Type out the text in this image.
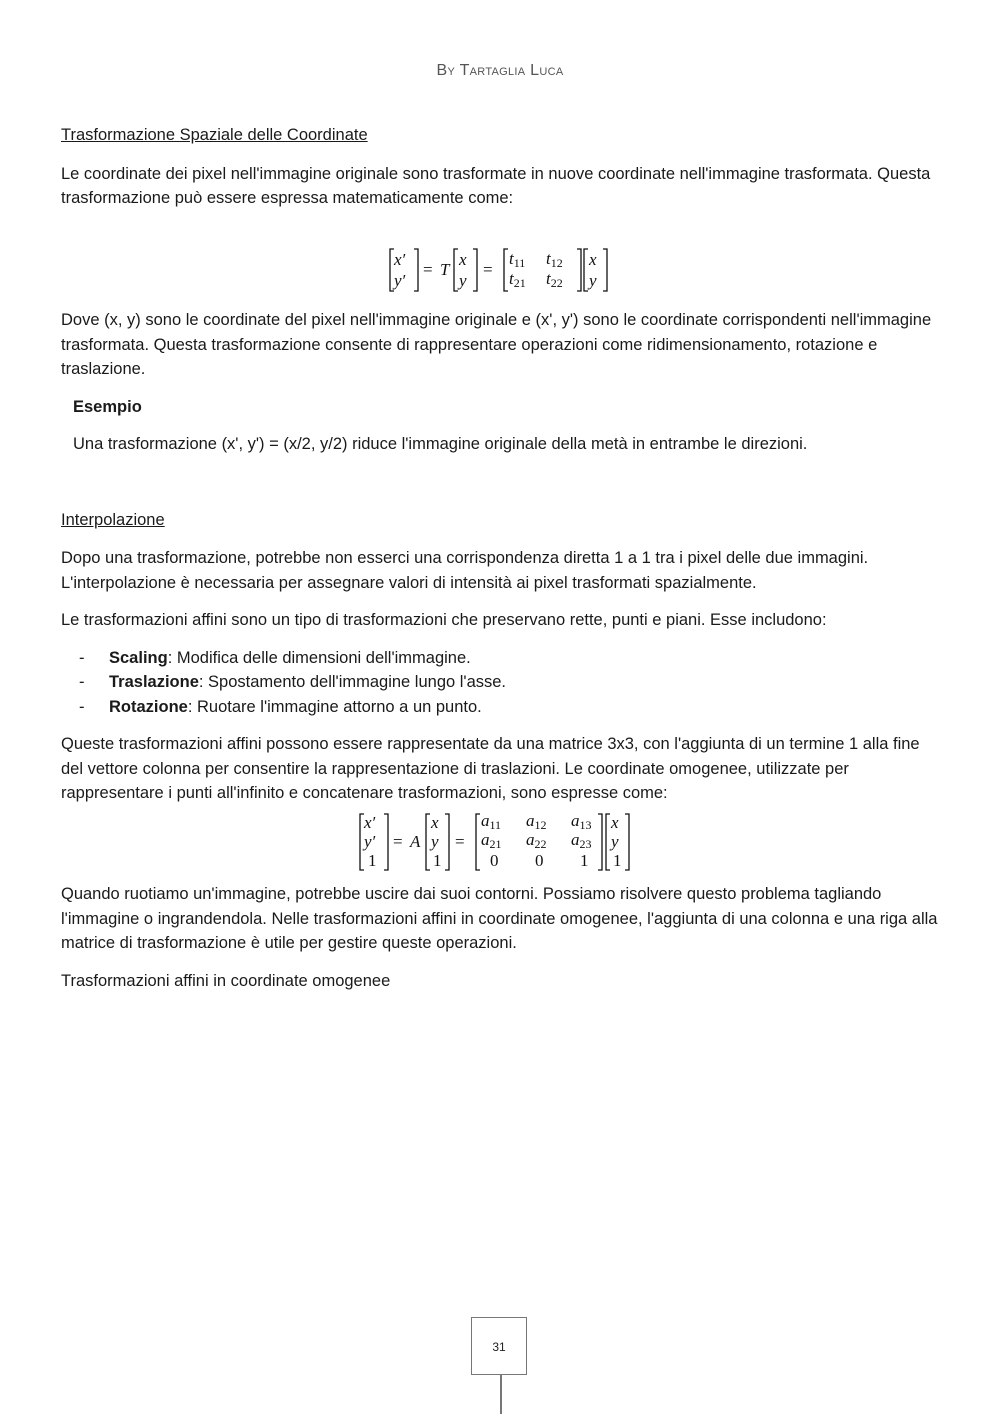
By Tartaglia Luca

Trasformazione Spaziale delle Coordinate

Le coordinate dei pixel nell'immagine originale sono trasformate in nuove coordinate nell'immagine trasformata. Questa trasformazione può essere espressa matematicamente come:

x′
y′
= T
x
y
=
t11 t12
t21 t22
x
y

Dove (x, y) sono le coordinate del pixel nell'immagine originale e (x', y') sono le coordinate corrispondenti nell'immagine trasformata. Questa trasformazione consente di rappresentare operazioni come ridimensionamento, rotazione e traslazione.

Esempio

Una trasformazione (x', y') = (x/2, y/2) riduce l'immagine originale della metà in entrambe le direzioni.

Interpolazione

Dopo una trasformazione, potrebbe non esserci una corrispondenza diretta 1 a 1 tra i pixel delle due immagini. L'interpolazione è necessaria per assegnare valori di intensità ai pixel trasformati spazialmente.

Le trasformazioni affini sono un tipo di trasformazioni che preservano rette, punti e piani. Esse includono:

- Scaling: Modifica delle dimensioni dell'immagine.
- Traslazione: Spostamento dell'immagine lungo l'asse.
- Rotazione: Ruotare l'immagine attorno a un punto.

Queste trasformazioni affini possono essere rappresentate da una matrice 3x3, con l'aggiunta di un termine 1 alla fine del vettore colonna per consentire la rappresentazione di traslazioni. Le coordinate omogenee, utilizzate per rappresentare i punti all'infinito e concatenare trasformazioni, sono espresse come:

x′
y′
1
= A
x
y
1
=
a11 a12 a13
a21 a22 a23
0 0 1
x
y
1

Quando ruotiamo un'immagine, potrebbe uscire dai suoi contorni. Possiamo risolvere questo problema tagliando l'immagine o ingrandendola. Nelle trasformazioni affini in coordinate omogenee, l'aggiunta di una colonna e una riga alla matrice di trasformazione è utile per gestire queste operazioni.

Trasformazioni affini in coordinate omogenee

31
